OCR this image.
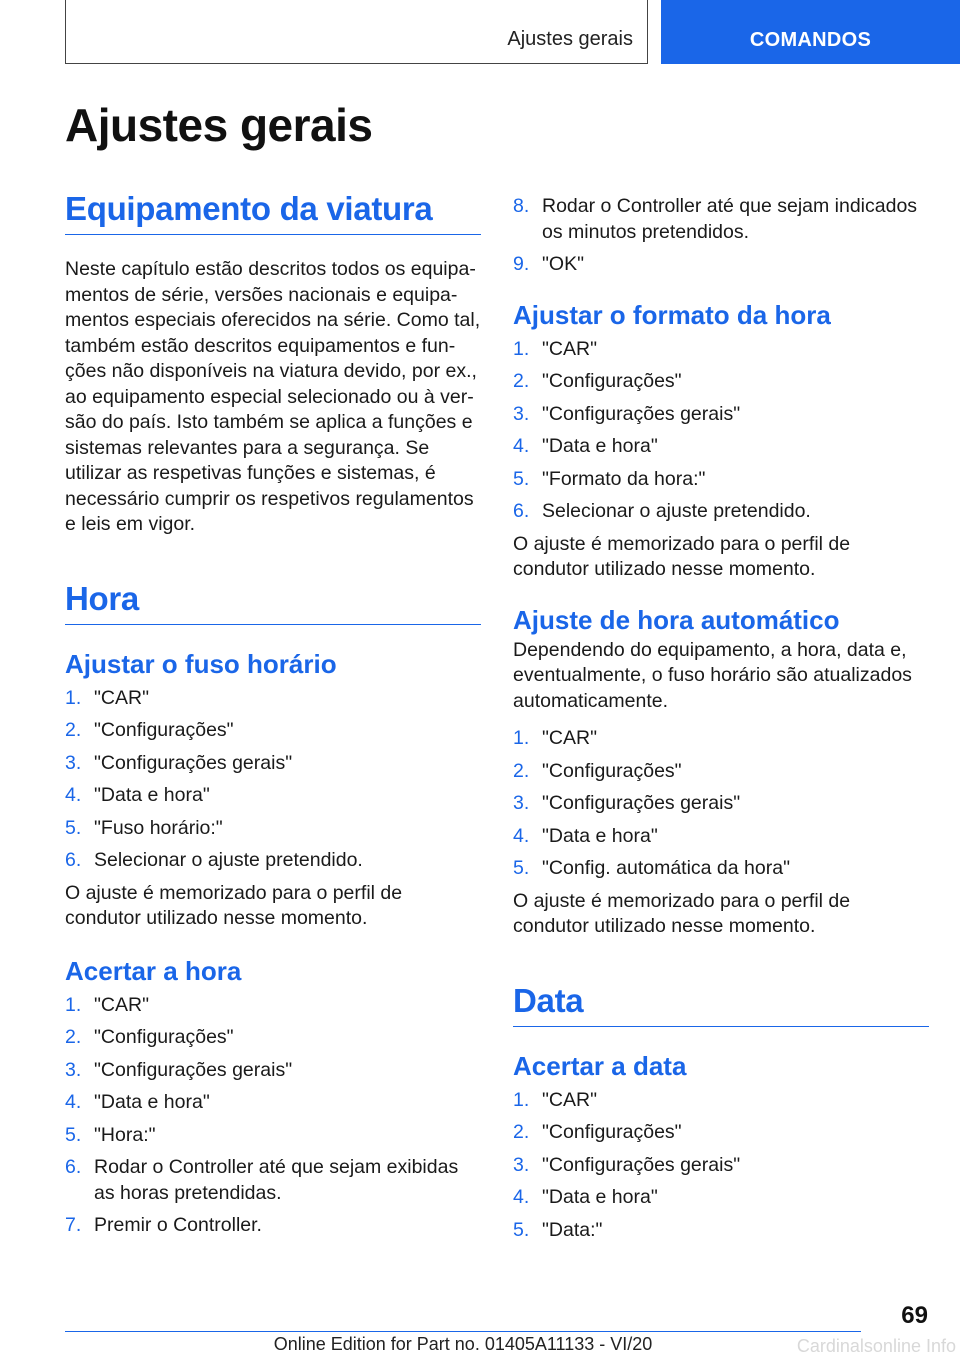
Ajustes gerais	COMANDOS
Ajustes gerais
Equipamento da viatura

Neste capítulo estão descritos todos os equipamentos de série, versões nacionais e equipamentos especiais oferecidos na série. Como tal, também estão descritos equipamentos e funções não disponíveis na viatura devido, por ex., ao equipamento especial selecionado ou à versão do país. Isto também se aplica a funções e sistemas relevantes para a segurança. Se utilizar as respetivas funções e sistemas, é necessário cumprir os respetivos regulamentos e leis em vigor.

Hora
Ajustar o fuso horário
1. "CAR"
2. "Configurações"
3. "Configurações gerais"
4. "Data e hora"
5. "Fuso horário:"
6. Selecionar o ajuste pretendido.

O ajuste é memorizado para o perfil de condutor utilizado nesse momento.

Acertar a hora
1. "CAR"
2. "Configurações"
3. "Configurações gerais"
4. "Data e hora"
5. "Hora:"
6. Rodar o Controller até que sejam exibidas as horas pretendidas.
7. Premir o Controller.
8. Rodar o Controller até que sejam indicados os minutos pretendidos.
9. "OK"
Ajustar o formato da hora
1. "CAR"
2. "Configurações"
3. "Configurações gerais"
4. "Data e hora"
5. "Formato da hora:"
6. Selecionar o ajuste pretendido.

O ajuste é memorizado para o perfil de condutor utilizado nesse momento.

Ajuste de hora automático

Dependendo do equipamento, a hora, data e, eventualmente, o fuso horário são atualizados automaticamente.

1. "CAR"
2. "Configurações"
3. "Configurações gerais"
4. "Data e hora"
5. "Config. automática da hora"

O ajuste é memorizado para o perfil de condutor utilizado nesse momento.

Data
Acertar a data
1. "CAR"
2. "Configurações"
3. "Configurações gerais"
4. "Data e hora"
5. "Data:"
69
Online Edition for Part no. 01405A11133 - VI/20	Cardinalsonline Info
